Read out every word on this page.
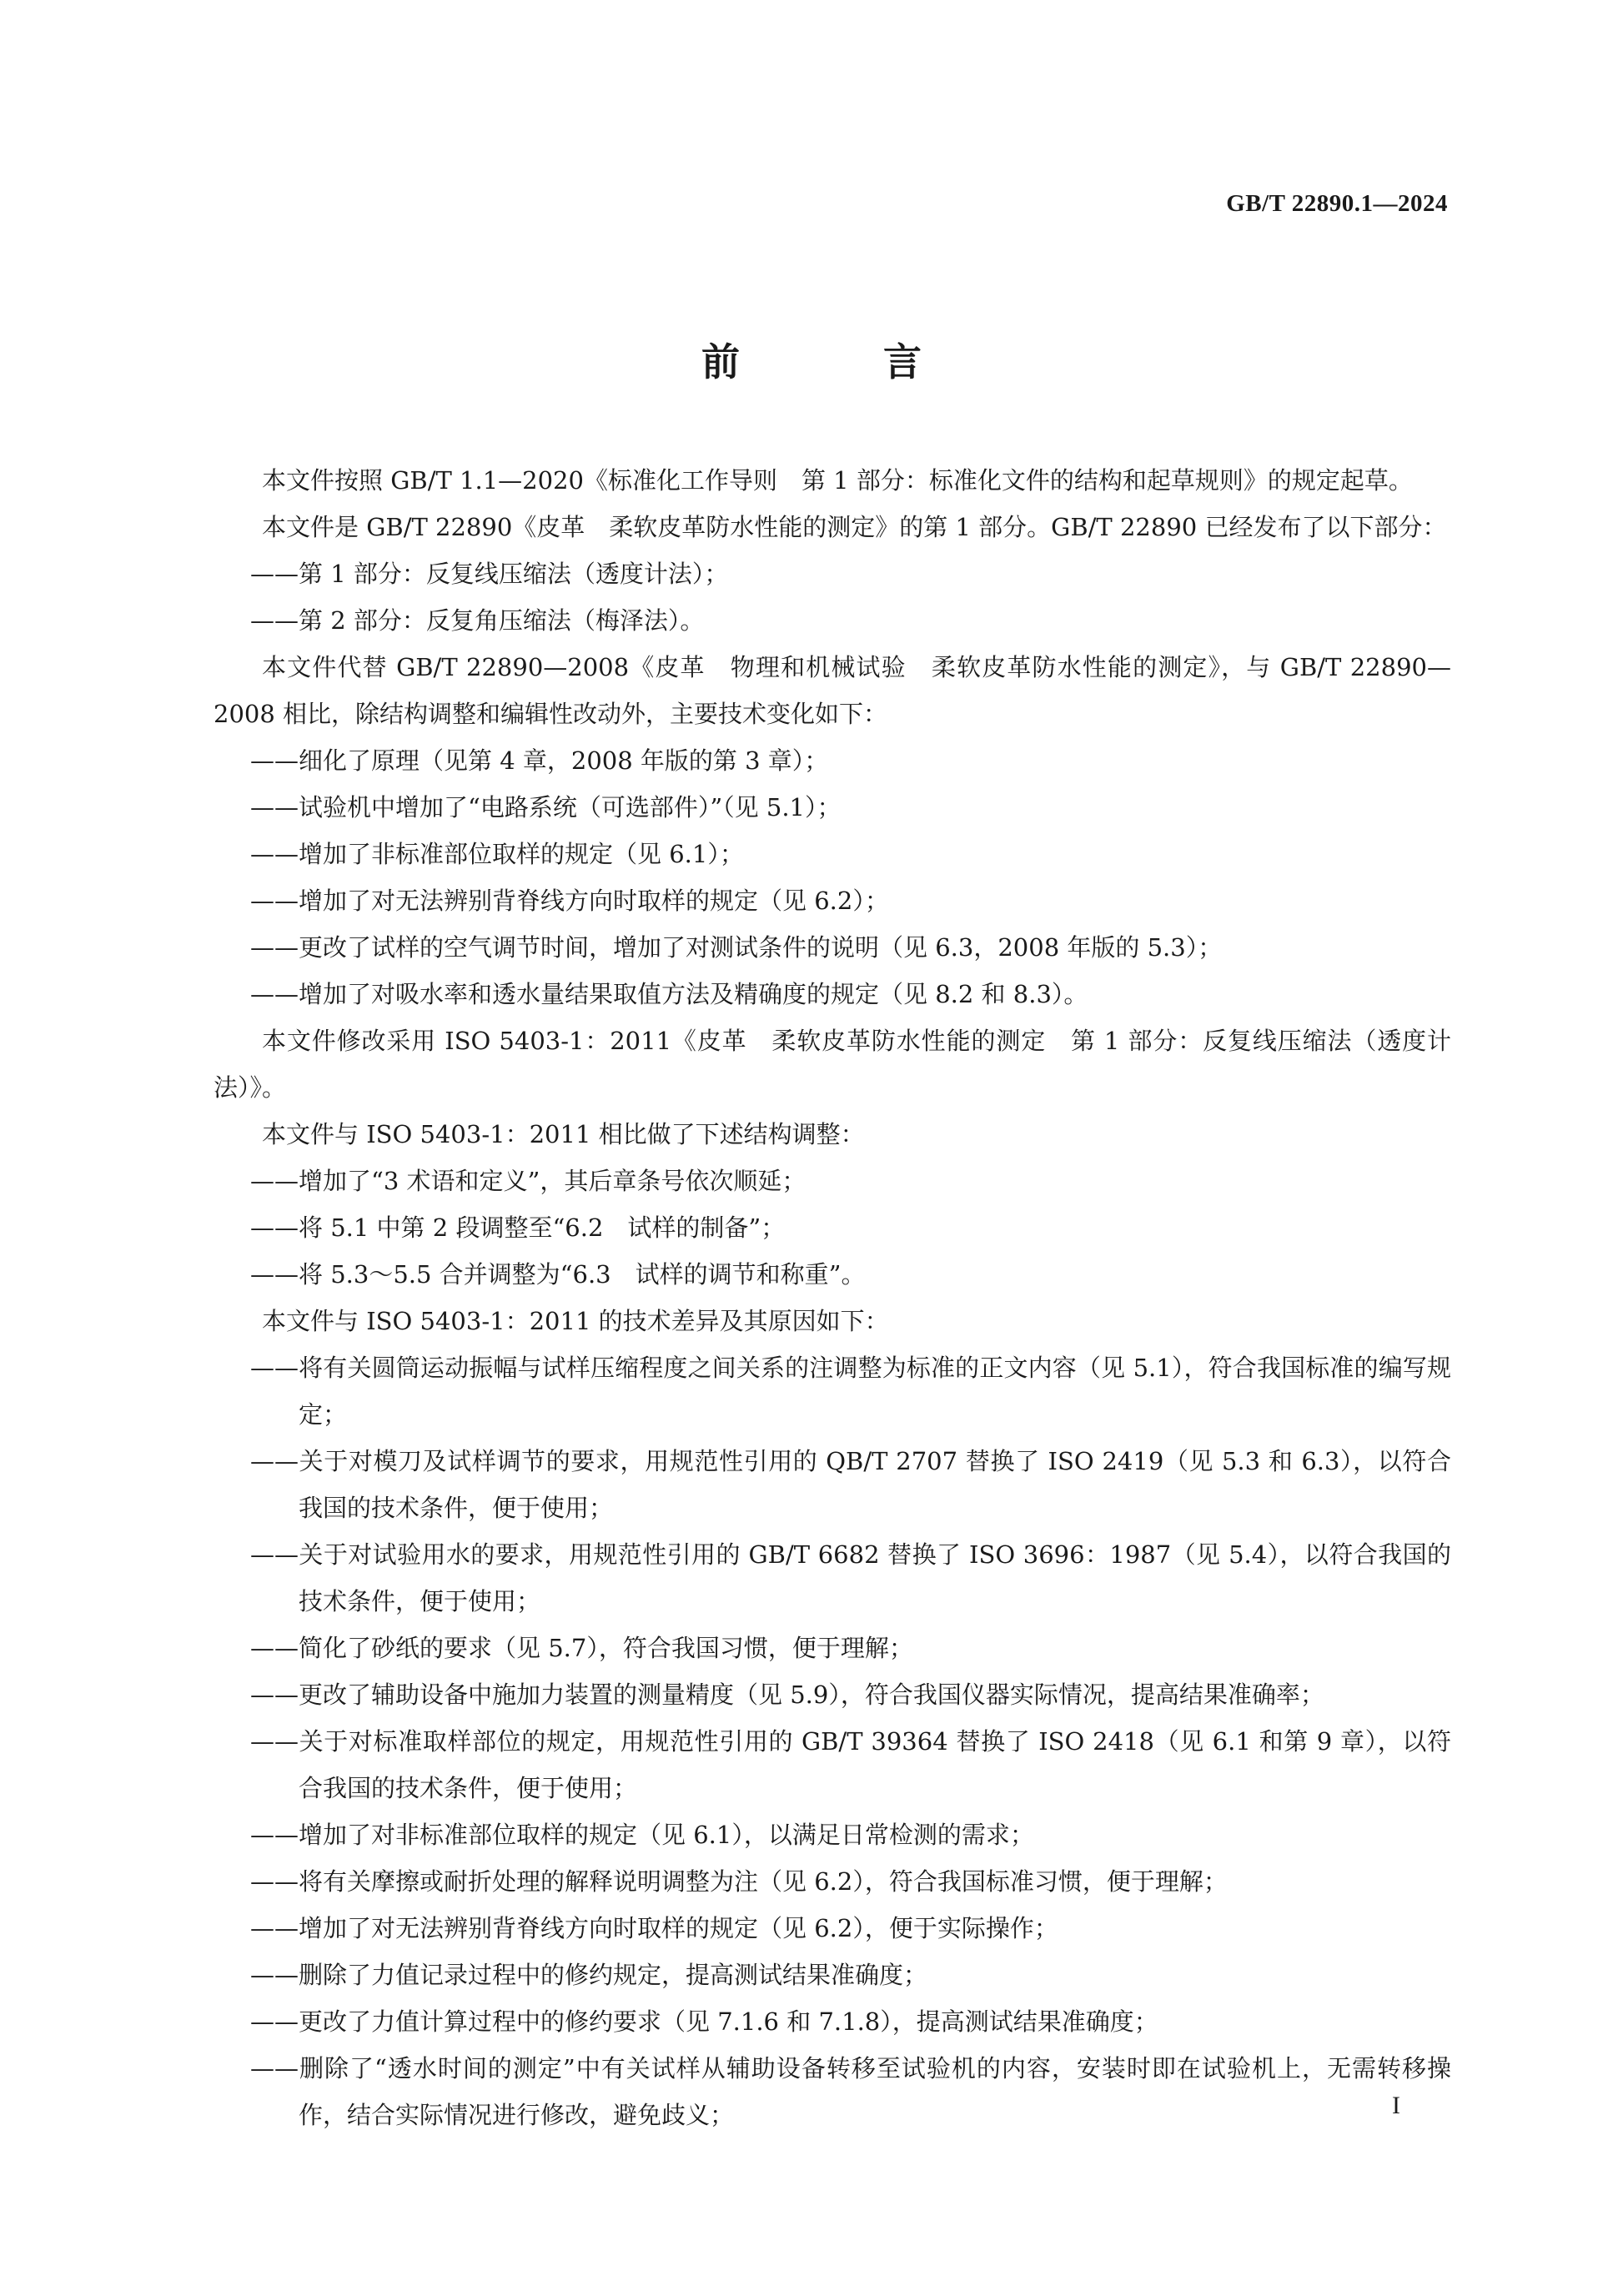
GB/T 22890.1—2024
前 言

本文件按照 GB/T 1.1—2020《标准化工作导则　第 1 部分：标准化文件的结构和起草规则》的规定起草。

本文件是 GB/T 22890《皮革　柔软皮革防水性能的测定》的第 1 部分。GB/T 22890 已经发布了以下部分：

——第 1 部分：反复线压缩法（透度计法）；

——第 2 部分：反复角压缩法（梅泽法）。

本文件代替 GB/T 22890—2008《皮革　物理和机械试验　柔软皮革防水性能的测定》，与 GB/T 22890—2008 相比，除结构调整和编辑性改动外，主要技术变化如下：

——细化了原理（见第 4 章，2008 年版的第 3 章）；

——试验机中增加了“电路系统（可选部件）”（见 5.1）；

——增加了非标准部位取样的规定（见 6.1）；

——增加了对无法辨别背脊线方向时取样的规定（见 6.2）；

——更改了试样的空气调节时间，增加了对测试条件的说明（见 6.3，2008 年版的 5.3）；

——增加了对吸水率和透水量结果取值方法及精确度的规定（见 8.2 和 8.3）。

本文件修改采用 ISO 5403-1：2011《皮革　柔软皮革防水性能的测定　第 1 部分：反复线压缩法（透度计法）》。

本文件与 ISO 5403-1：2011 相比做了下述结构调整：

——增加了“3 术语和定义”，其后章条号依次顺延；

——将 5.1 中第 2 段调整至“6.2　试样的制备”；

——将 5.3～5.5 合并调整为“6.3　试样的调节和称重”。

本文件与 ISO 5403-1：2011 的技术差异及其原因如下：

——将有关圆筒运动振幅与试样压缩程度之间关系的注调整为标准的正文内容（见 5.1），符合我国标准的编写规定；

——关于对模刀及试样调节的要求，用规范性引用的 QB/T 2707 替换了 ISO 2419（见 5.3 和 6.3），以符合我国的技术条件，便于使用；

——关于对试验用水的要求，用规范性引用的 GB/T 6682 替换了 ISO 3696：1987（见 5.4），以符合我国的技术条件，便于使用；

——简化了砂纸的要求（见 5.7），符合我国习惯，便于理解；

——更改了辅助设备中施加力装置的测量精度（见 5.9），符合我国仪器实际情况，提高结果准确率；

——关于对标准取样部位的规定，用规范性引用的 GB/T 39364 替换了 ISO 2418（见 6.1 和第 9 章），以符合我国的技术条件，便于使用；

——增加了对非标准部位取样的规定（见 6.1），以满足日常检测的需求；

——将有关摩擦或耐折处理的解释说明调整为注（见 6.2），符合我国标准习惯，便于理解；

——增加了对无法辨别背脊线方向时取样的规定（见 6.2），便于实际操作；

——删除了力值记录过程中的修约规定，提高测试结果准确度；

——更改了力值计算过程中的修约要求（见 7.1.6 和 7.1.8），提高测试结果准确度；

——删除了“透水时间的测定”中有关试样从辅助设备转移至试验机的内容，安装时即在试验机上，无需转移操作，结合实际情况进行修改，避免歧义；	I
